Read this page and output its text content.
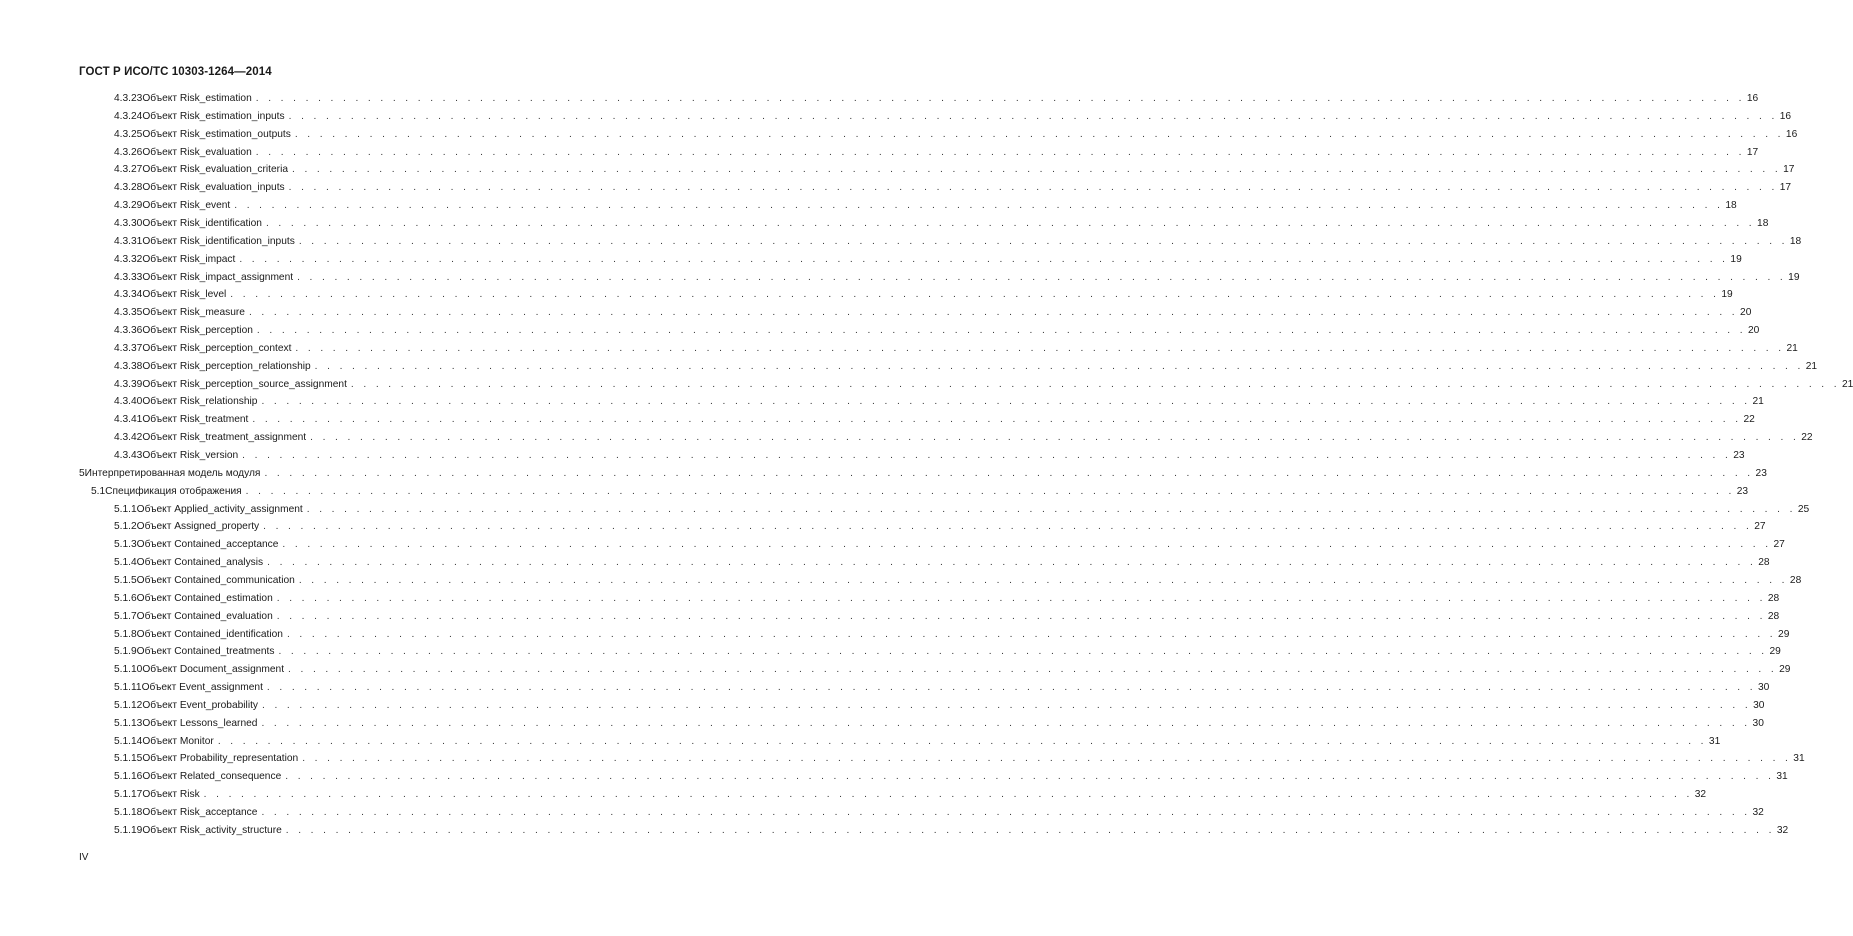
ГОСТ Р ИСО/ТС 10303-1264—2014
4.3.23 Объект Risk_estimation . . . . . . . . . . . . . . . . . . . . . . . . . . . . . . . . . . . . . . . . . . . . . . . . . . . . . . . . . . . . . . . . . . . . . . . . . . . . . . . . . . . . . . . . . . . . . . . . . . . . . . . . . . . . . . . . . . . . . . . . 16
4.3.24 Объект Risk_estimation_inputs . . . . . . . . . . . . . . . . . . . . . . . . . . . . . . . . . . . . . . . . . . . . . . . . . . . . . . . . . . . . . . . . . . . . . . . . . . . . . . . . . . . . . . . . . . . . . . . . . . . . . . . . . . . . . . . . . . . . . . . . 16
4.3.25 Объект Risk_estimation_outputs . . . . . . . . . . . . . . . . . . . . . . . . . . . . . . . . . . . . . . . . . . . . . . . . . . . . . . . . . . . . . . . . . . . . . . . . . . . . . . . . . . . . . . . . . . . . . . . . . . . . . . . . . . . . . . . . . . . . . . . . 16
4.3.26 Объект Risk_evaluation . . . . . . . . . . . . . . . . . . . . . . . . . . . . . . . . . . . . . . . . . . . . . . . . . . . . . . . . . . . . . . . . . . . . . . . . . . . . . . . . . . . . . . . . . . . . . . . . . . . . . . . . . . . . . . . . . . . . . . . . 17
4.3.27 Объект Risk_evaluation_criteria . . . . . . . . . . . . . . . . . . . . . . . . . . . . . . . . . . . . . . . . . . . . . . . . . . . . . . . . . . . . . . . . . . . . . . . . . . . . . . . . . . . . . . . . . . . . . . . . . . . . . . . . . . . . . . . . . . . . . . . . 17
4.3.28 Объект Risk_evaluation_inputs . . . . . . . . . . . . . . . . . . . . . . . . . . . . . . . . . . . . . . . . . . . . . . . . . . . . . . . . . . . . . . . . . . . . . . . . . . . . . . . . . . . . . . . . . . . . . . . . . . . . . . . . . . . . . . . . . . . . . . . . 17
4.3.29 Объект Risk_event . . . . . . . . . . . . . . . . . . . . . . . . . . . . . . . . . . . . . . . . . . . . . . . . . . . . . . . . . . . . . . . . . . . . . . . . . . . . . . . . . . . . . . . . . . . . . . . . . . . . . . . . . . . . . . . . . . . . . . . . 18
4.3.30 Объект Risk_identification . . . . . . . . . . . . . . . . . . . . . . . . . . . . . . . . . . . . . . . . . . . . . . . . . . . . . . . . . . . . . . . . . . . . . . . . . . . . . . . . . . . . . . . . . . . . . . . . . . . . . . . . . . . . . . . . . . . . . . . . 18
4.3.31 Объект Risk_identification_inputs . . . . . . . . . . . . . . . . . . . . . . . . . . . . . . . . . . . . . . . . . . . . . . . . . . . . . . . . . . . . . . . . . . . . . . . . . . . . . . . . . . . . . . . . . . . . . . . . . . . . . . . . . . . . . . . . . . . . . . . . 18
4.3.32 Объект Risk_impact . . . . . . . . . . . . . . . . . . . . . . . . . . . . . . . . . . . . . . . . . . . . . . . . . . . . . . . . . . . . . . . . . . . . . . . . . . . . . . . . . . . . . . . . . . . . . . . . . . . . . . . . . . . . . . . . . . . . . . . . 19
4.3.33 Объект Risk_impact_assignment . . . . . . . . . . . . . . . . . . . . . . . . . . . . . . . . . . . . . . . . . . . . . . . . . . . . . . . . . . . . . . . . . . . . . . . . . . . . . . . . . . . . . . . . . . . . . . . . . . . . . . . . . . . . . . . . . . . . . . . . 19
4.3.34 Объект Risk_level . . . . . . . . . . . . . . . . . . . . . . . . . . . . . . . . . . . . . . . . . . . . . . . . . . . . . . . . . . . . . . . . . . . . . . . . . . . . . . . . . . . . . . . . . . . . . . . . . . . . . . . . . . . . . . . . . . . . . . . . 19
4.3.35 Объект Risk_measure . . . . . . . . . . . . . . . . . . . . . . . . . . . . . . . . . . . . . . . . . . . . . . . . . . . . . . . . . . . . . . . . . . . . . . . . . . . . . . . . . . . . . . . . . . . . . . . . . . . . . . . . . . . . . . . . . . . . . . . . 20
4.3.36 Объект Risk_perception . . . . . . . . . . . . . . . . . . . . . . . . . . . . . . . . . . . . . . . . . . . . . . . . . . . . . . . . . . . . . . . . . . . . . . . . . . . . . . . . . . . . . . . . . . . . . . . . . . . . . . . . . . . . . . . . . . . . . . . . 20
4.3.37 Объект Risk_perception_context . . . . . . . . . . . . . . . . . . . . . . . . . . . . . . . . . . . . . . . . . . . . . . . . . . . . . . . . . . . . . . . . . . . . . . . . . . . . . . . . . . . . . . . . . . . . . . . . . . . . . . . . . . . . . . . . . . . . . . . . 21
4.3.38 Объект Risk_perception_relationship . . . . . . . . . . . . . . . . . . . . . . . . . . . . . . . . . . . . . . . . . . . . . . . . . . . . . . . . . . . . . . . . . . . . . . . . . . . . . . . . . . . . . . . . . . . . . . . . . . . . . . . . . . . . . . . . . . . . . . . . 21
4.3.39 Объект Risk_perception_source_assignment . . . . . . . . . . . . . . . . . . . . . . . . . . . . . . . . . . . . . . . . . . . . . . . . . . . . . . . . . . . . . . . . . . . . . . . . . . . . . . . . . . . . . . . . . . . . . . . . . . . . . . . . . . . . . . . . . . . . . . . . 21
4.3.40 Объект Risk_relationship . . . . . . . . . . . . . . . . . . . . . . . . . . . . . . . . . . . . . . . . . . . . . . . . . . . . . . . . . . . . . . . . . . . . . . . . . . . . . . . . . . . . . . . . . . . . . . . . . . . . . . . . . . . . . . . . . . . . . . . . 21
4.3.41 Объект Risk_treatment . . . . . . . . . . . . . . . . . . . . . . . . . . . . . . . . . . . . . . . . . . . . . . . . . . . . . . . . . . . . . . . . . . . . . . . . . . . . . . . . . . . . . . . . . . . . . . . . . . . . . . . . . . . . . . . . . . . . . . . . 22
4.3.42 Объект Risk_treatment_assignment . . . . . . . . . . . . . . . . . . . . . . . . . . . . . . . . . . . . . . . . . . . . . . . . . . . . . . . . . . . . . . . . . . . . . . . . . . . . . . . . . . . . . . . . . . . . . . . . . . . . . . . . . . . . . . . . . . . . . . . . 22
4.3.43 Объект Risk_version . . . . . . . . . . . . . . . . . . . . . . . . . . . . . . . . . . . . . . . . . . . . . . . . . . . . . . . . . . . . . . . . . . . . . . . . . . . . . . . . . . . . . . . . . . . . . . . . . . . . . . . . . . . . . . . . . . . . . . . . 23
5 Интерпретированная модель модуля . . . . . . . . . . . . . . . . . . . . . . . . . . . . . . . . . . . . . . . . . . . . . . . . . . . . . . . . . . . . . . . . . . . . . . . . . . . . . . . . . . . . . . . . . . . . . . . . . . . . . . . . . . . . . . . . . . . . . . . . 23
5.1 Спецификация отображения . . . . . . . . . . . . . . . . . . . . . . . . . . . . . . . . . . . . . . . . . . . . . . . . . . . . . . . . . . . . . . . . . . . . . . . . . . . . . . . . . . . . . . . . . . . . . . . . . . . . . . . . . . . . . . . . . . . . . . . . 23
5.1.1 Объект Applied_activity_assignment . . . . . . . . . . . . . . . . . . . . . . . . . . . . . . . . . . . . . . . . . . . . . . . . . . . . . . . . . . . . . . . . . . . . . . . . . . . . . . . . . . . . . . . . . . . . . . . . . . . . . . . . . . . . . . . . . . . . . . . . 25
5.1.2 Объект Assigned_property . . . . . . . . . . . . . . . . . . . . . . . . . . . . . . . . . . . . . . . . . . . . . . . . . . . . . . . . . . . . . . . . . . . . . . . . . . . . . . . . . . . . . . . . . . . . . . . . . . . . . . . . . . . . . . . . . . . . . . . . 27
5.1.3 Объект Contained_acceptance . . . . . . . . . . . . . . . . . . . . . . . . . . . . . . . . . . . . . . . . . . . . . . . . . . . . . . . . . . . . . . . . . . . . . . . . . . . . . . . . . . . . . . . . . . . . . . . . . . . . . . . . . . . . . . . . . . . . . . . . 27
5.1.4 Объект Contained_analysis . . . . . . . . . . . . . . . . . . . . . . . . . . . . . . . . . . . . . . . . . . . . . . . . . . . . . . . . . . . . . . . . . . . . . . . . . . . . . . . . . . . . . . . . . . . . . . . . . . . . . . . . . . . . . . . . . . . . . . . . 28
5.1.5 Объект Contained_communication . . . . . . . . . . . . . . . . . . . . . . . . . . . . . . . . . . . . . . . . . . . . . . . . . . . . . . . . . . . . . . . . . . . . . . . . . . . . . . . . . . . . . . . . . . . . . . . . . . . . . . . . . . . . . . . . . . . . . . . . 28
5.1.6 Объект Contained_estimation . . . . . . . . . . . . . . . . . . . . . . . . . . . . . . . . . . . . . . . . . . . . . . . . . . . . . . . . . . . . . . . . . . . . . . . . . . . . . . . . . . . . . . . . . . . . . . . . . . . . . . . . . . . . . . . . . . . . . . . . 28
5.1.7 Объект Contained_evaluation . . . . . . . . . . . . . . . . . . . . . . . . . . . . . . . . . . . . . . . . . . . . . . . . . . . . . . . . . . . . . . . . . . . . . . . . . . . . . . . . . . . . . . . . . . . . . . . . . . . . . . . . . . . . . . . . . . . . . . . . 28
5.1.8 Объект Contained_identification . . . . . . . . . . . . . . . . . . . . . . . . . . . . . . . . . . . . . . . . . . . . . . . . . . . . . . . . . . . . . . . . . . . . . . . . . . . . . . . . . . . . . . . . . . . . . . . . . . . . . . . . . . . . . . . . . . . . . . . . 29
5.1.9 Объект Contained_treatments . . . . . . . . . . . . . . . . . . . . . . . . . . . . . . . . . . . . . . . . . . . . . . . . . . . . . . . . . . . . . . . . . . . . . . . . . . . . . . . . . . . . . . . . . . . . . . . . . . . . . . . . . . . . . . . . . . . . . . . . 29
5.1.10 Объект Document_assignment . . . . . . . . . . . . . . . . . . . . . . . . . . . . . . . . . . . . . . . . . . . . . . . . . . . . . . . . . . . . . . . . . . . . . . . . . . . . . . . . . . . . . . . . . . . . . . . . . . . . . . . . . . . . . . . . . . . . . . . . 29
5.1.11 Объект Event_assignment . . . . . . . . . . . . . . . . . . . . . . . . . . . . . . . . . . . . . . . . . . . . . . . . . . . . . . . . . . . . . . . . . . . . . . . . . . . . . . . . . . . . . . . . . . . . . . . . . . . . . . . . . . . . . . . . . . . . . . . . 30
5.1.12 Объект Event_probability . . . . . . . . . . . . . . . . . . . . . . . . . . . . . . . . . . . . . . . . . . . . . . . . . . . . . . . . . . . . . . . . . . . . . . . . . . . . . . . . . . . . . . . . . . . . . . . . . . . . . . . . . . . . . . . . . . . . . . . . 30
5.1.13 Объект Lessons_learned . . . . . . . . . . . . . . . . . . . . . . . . . . . . . . . . . . . . . . . . . . . . . . . . . . . . . . . . . . . . . . . . . . . . . . . . . . . . . . . . . . . . . . . . . . . . . . . . . . . . . . . . . . . . . . . . . . . . . . . . 30
5.1.14 Объект Monitor . . . . . . . . . . . . . . . . . . . . . . . . . . . . . . . . . . . . . . . . . . . . . . . . . . . . . . . . . . . . . . . . . . . . . . . . . . . . . . . . . . . . . . . . . . . . . . . . . . . . . . . . . . . . . . . . . . . . . . . . 31
5.1.15 Объект Probability_representation . . . . . . . . . . . . . . . . . . . . . . . . . . . . . . . . . . . . . . . . . . . . . . . . . . . . . . . . . . . . . . . . . . . . . . . . . . . . . . . . . . . . . . . . . . . . . . . . . . . . . . . . . . . . . . . . . . . . . . . . 31
5.1.16 Объект Related_consequence . . . . . . . . . . . . . . . . . . . . . . . . . . . . . . . . . . . . . . . . . . . . . . . . . . . . . . . . . . . . . . . . . . . . . . . . . . . . . . . . . . . . . . . . . . . . . . . . . . . . . . . . . . . . . . . . . . . . . . . . 31
5.1.17 Объект Risk . . . . . . . . . . . . . . . . . . . . . . . . . . . . . . . . . . . . . . . . . . . . . . . . . . . . . . . . . . . . . . . . . . . . . . . . . . . . . . . . . . . . . . . . . . . . . . . . . . . . . . . . . . . . . . . . . . . . . . . . 32
5.1.18 Объект Risk_acceptance . . . . . . . . . . . . . . . . . . . . . . . . . . . . . . . . . . . . . . . . . . . . . . . . . . . . . . . . . . . . . . . . . . . . . . . . . . . . . . . . . . . . . . . . . . . . . . . . . . . . . . . . . . . . . . . . . . . . . . . . 32
5.1.19 Объект Risk_activity_structure . . . . . . . . . . . . . . . . . . . . . . . . . . . . . . . . . . . . . . . . . . . . . . . . . . . . . . . . . . . . . . . . . . . . . . . . . . . . . . . . . . . . . . . . . . . . . . . . . . . . . . . . . . . . . . . . . . . . . . . . 32
IV
